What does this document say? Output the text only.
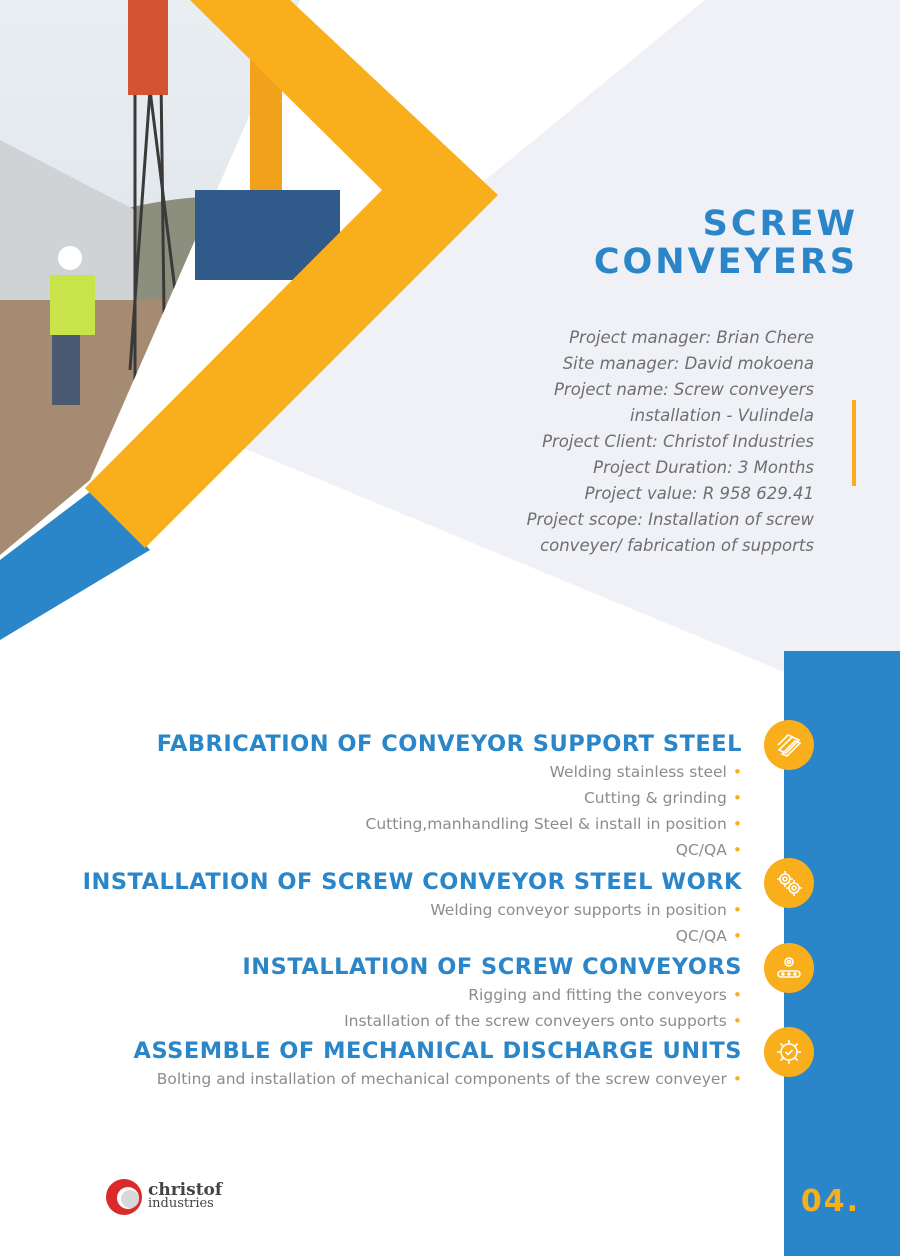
SCREW
CONVEYERS
Project manager: Brian Chere
Site manager: David mokoena
Project name: Screw conveyers
installation - Vulindela
Project Client: Christof Industries
Project Duration: 3 Months
Project value: R 958 629.41
Project scope: Installation of screw
conveyer/ fabrication of supports
FABRICATION OF CONVEYOR SUPPORT STEEL
Welding stainless steel •
Cutting & grinding •
Cutting,manhandling Steel & install in position •
QC/QA •
INSTALLATION OF SCREW CONVEYOR STEEL WORK
Welding conveyor supports in position •
QC/QA •
INSTALLATION OF SCREW CONVEYORS
Rigging and fitting the conveyors •
Installation of the screw conveyers onto supports •
ASSEMBLE OF MECHANICAL DISCHARGE UNITS
Bolting and installation of mechanical components of the screw conveyer •
christof
industries	04.
